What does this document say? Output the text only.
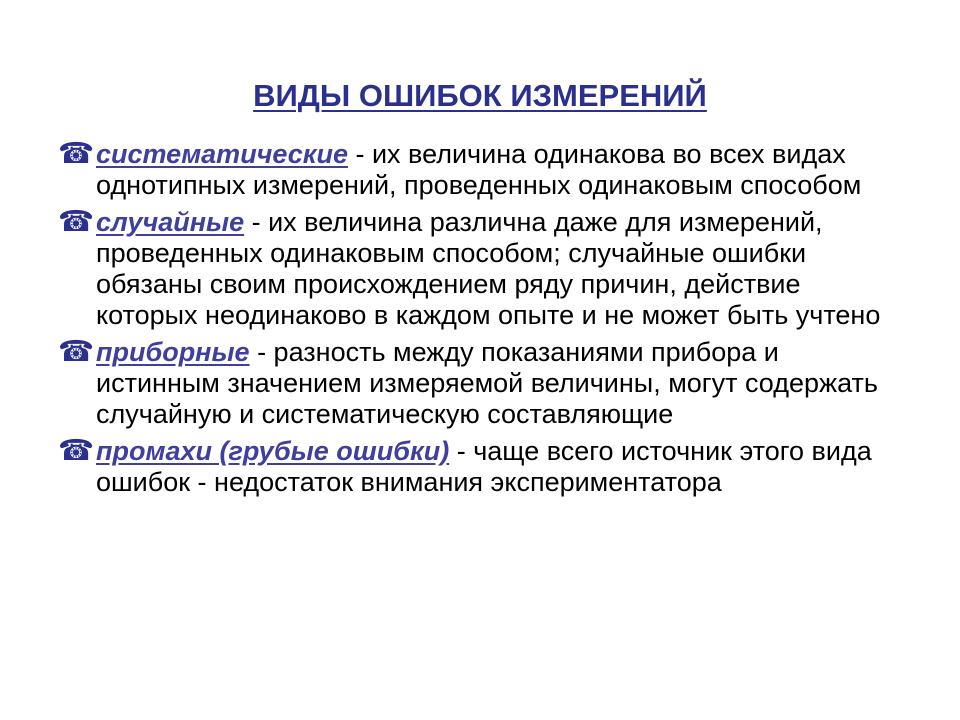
ВИДЫ ОШИБОК ИЗМЕРЕНИЙ
☎ систематические - их величина одинакова во всех видах однотипных измерений, проведенных одинаковым способом
☎ случайные - их величина различна даже для измерений, проведенных одинаковым способом; случайные ошибки обязаны своим происхождением ряду причин, действие которых неодинаково в каждом опыте и не может быть учтено
☎ приборные - разность между показаниями прибора и истинным значением измеряемой величины, могут содержать случайную и систематическую составляющие
☎ промахи (грубые ошибки) - чаще всего источник этого вида ошибок - недостаток внимания экспериментатора
